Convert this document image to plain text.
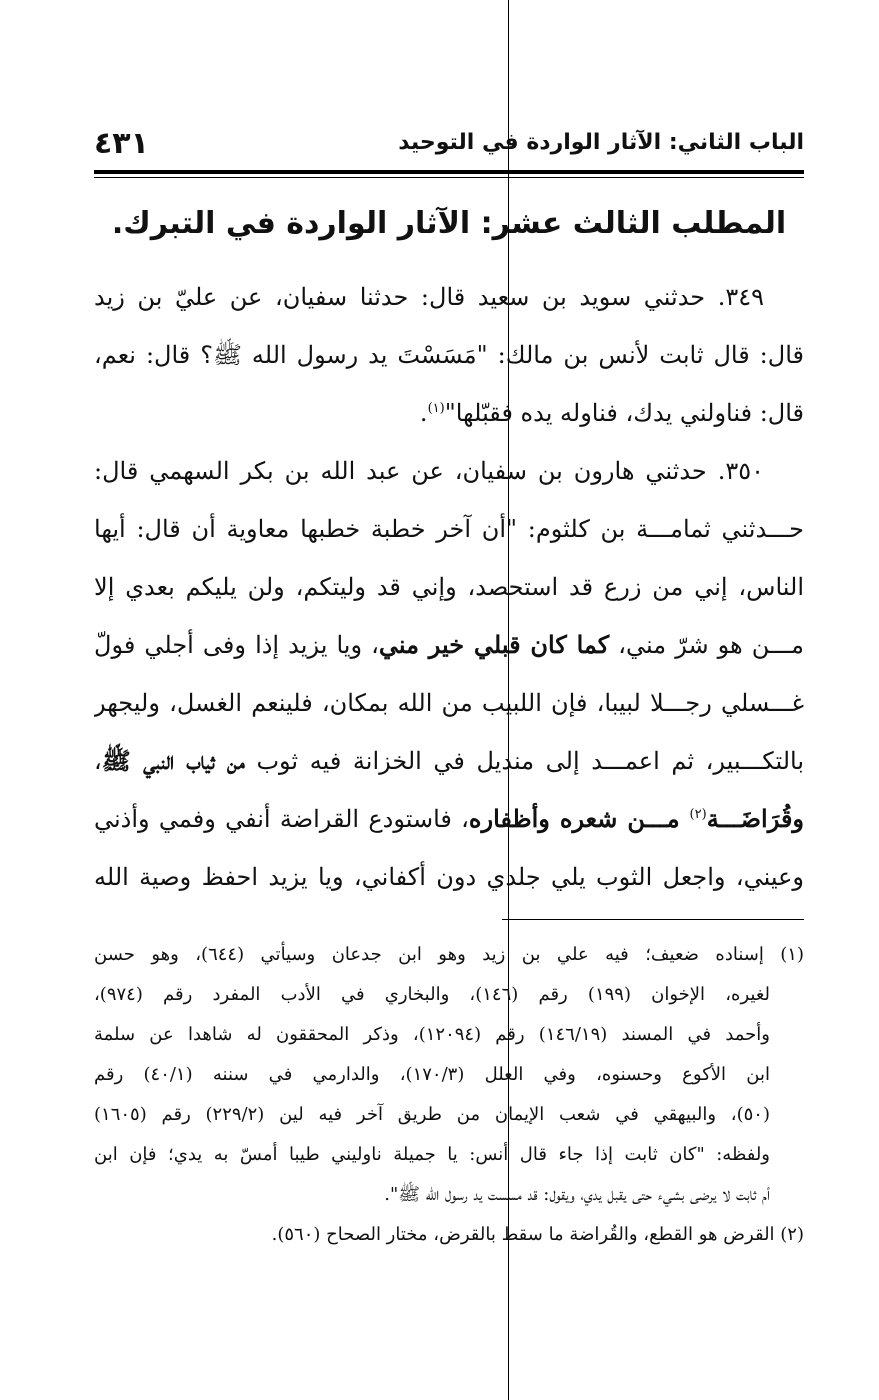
الباب الثاني: الآثار الواردة في التوحيد
٤٣١
المطلب الثالث عشر: الآثار الواردة في التبرك.
٣٤٩. حدثني سويد بن سعيد قال: حدثنا سفيان، عن عليّ بن زيد
قال: قال ثابت لأنس بن مالك: "مَسَسْتَ يد رسول الله ﷺ؟ قال: نعم،
قال: فناولني يدك، فناوله يده فقبّلها"$^{(١)}$.
٣٥٠. حدثني هارون بن سفيان، عن عبد الله بن بكر السهمي قال:
حـــدثني ثمامـــة بن كلثوم: "أن آخر خطبة خطبها معاوية أن قال: أيها
الناس، إني من زرع قد استحصد، وإني قد وليتكم، ولن يليكم بعدي إلا
مـــن هو شرّ مني، كما كان قبلي خير مني، ويا يزيد إذا وفى أجلي فولّ
غـــسلي رجـــلا لبيبا، فإن اللبيب من الله بمكان، فلينعم الغسل، وليجهر
بالتكـــبير، ثم اعمـــد إلى منديل في الخزانة فيه ثوب من ثياب النبي ﷺ،
وقُرَاضَـــة$^{(٢)}$ مـــن شعره وأظفاره، فاستودع القراضة أنفي وفمي وأذني
وعيني، واجعل الثوب يلي جلدي دون أكفاني، ويا يزيد احفظ وصية الله
(١) إسناده ضعيف؛ فيه علي بن زيد وهو ابن جدعان وسيأتي (٦٤٤)، وهو حسن
لغيره، الإخوان (١٩٩) رقم (١٤٦)، والبخاري في الأدب المفرد رقم (٩٧٤)،
وأحمد في المسند (١٤٦/١٩) رقم (١٢٠٩٤)، وذكر المحققون له شاهدا عن سلمة
ابن الأكوع وحسنوه، وفي العلل (١٧٠/٣)، والدارمي في سننه (٤٠/١) رقم
(٥٠)، والبيهقي في شعب الإيمان من طريق آخر فيه لين (٢٢٩/٢) رقم (١٦٠٥)
ولفظه: "كان ثابت إذا جاء قال أنس: يا جميلة ناوليني طيبا أمسّ به يدي؛ فإن ابن
أم ثابت لا يرضى بشيء حتى يقبل يدي، ويقول: قد مسست يد رسول الله ﷺ".
(٢) القرض هو القطع، والقُراضة ما سقط بالقرض، مختار الصحاح (٥٦٠).
